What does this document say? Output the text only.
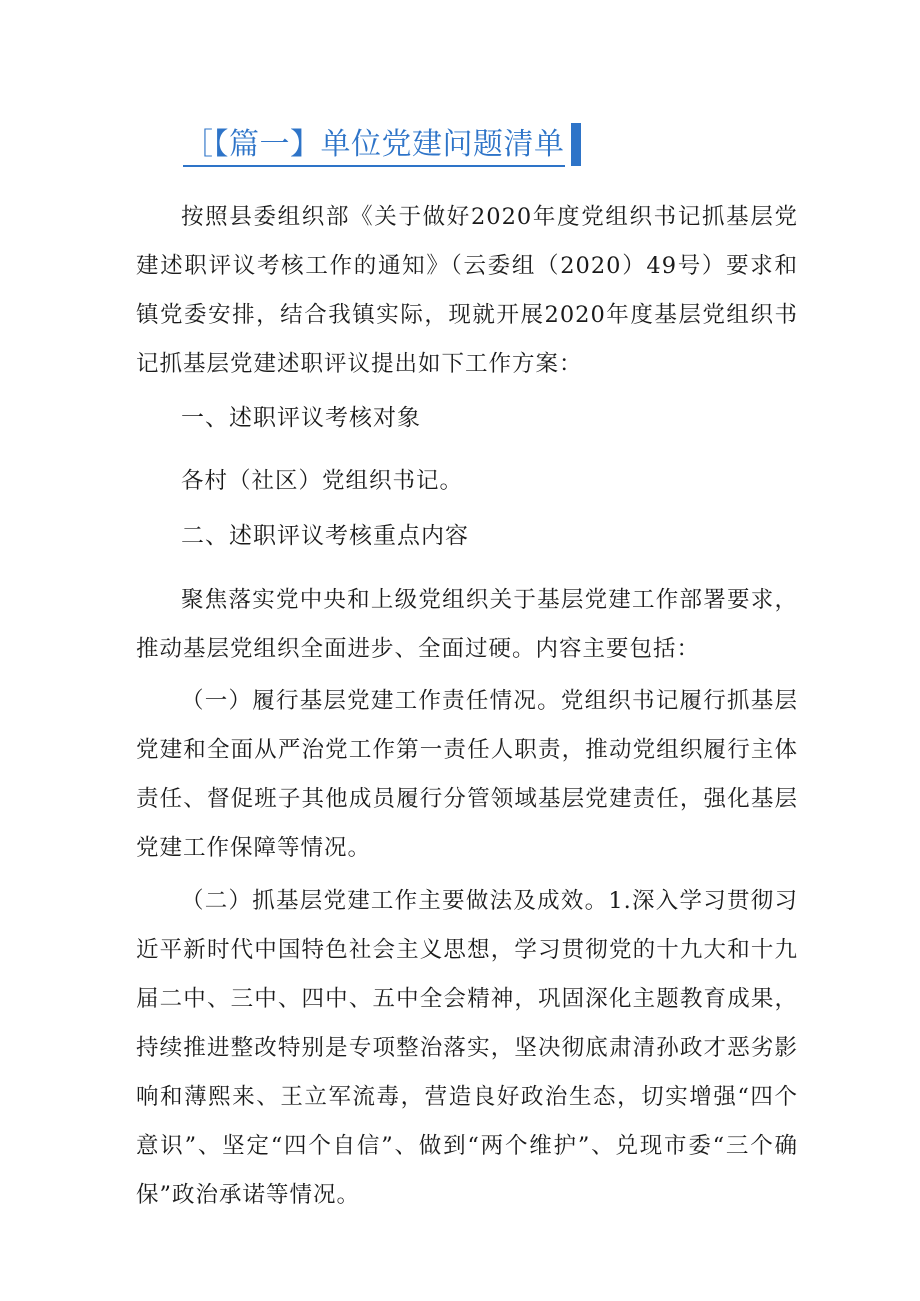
［【篇一】单位党建问题清单

按照县委组织部《关于做好2020年度党组织书记抓基层党建述职评议考核工作的通知》（云委组（2020）49号）要求和镇党委安排，结合我镇实际，现就开展2020年度基层党组织书记抓基层党建述职评议提出如下工作方案：

一、述职评议考核对象

各村（社区）党组织书记。

二、述职评议考核重点内容

聚焦落实党中央和上级党组织关于基层党建工作部署要求，推动基层党组织全面进步、全面过硬。内容主要包括：

（一）履行基层党建工作责任情况。党组织书记履行抓基层党建和全面从严治党工作第一责任人职责，推动党组织履行主体责任、督促班子其他成员履行分管领域基层党建责任，强化基层党建工作保障等情况。

（二）抓基层党建工作主要做法及成效。1.深入学习贯彻习近平新时代中国特色社会主义思想，学习贯彻党的十九大和十九届二中、三中、四中、五中全会精神，巩固深化主题教育成果，持续推进整改特别是专项整治落实，坚决彻底肃清孙政才恶劣影响和薄熙来、王立军流毒，营造良好政治生态，切实增强“四个意识”、坚定“四个自信”、做到“两个维护”、兑现市委“三个确保”政治承诺等情况。
